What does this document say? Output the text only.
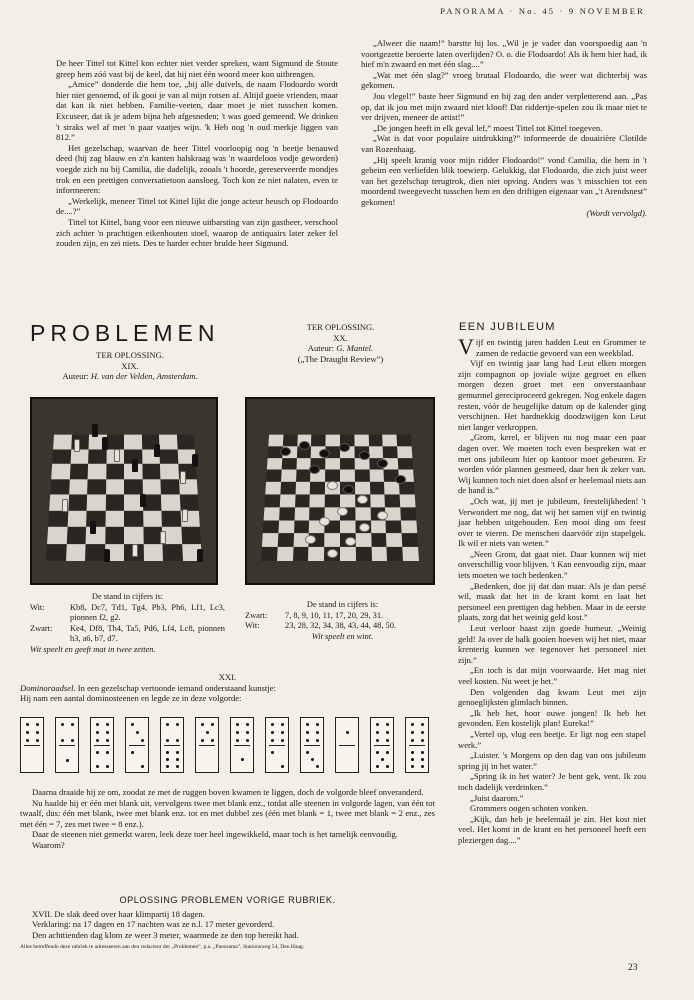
PANORAMA · No. 45 · 9 NOVEMBER

De heer Tittel tot Kittel kon echter niet verder spreken, want Sigmund de Stoute greep hem zóó vast bij de keel, dat hij niet één woord meer kon uitbrengen.

„Amice” donderde die hem toe, „bij alle duivels, de naam Flodoardo wordt hier niet genoemd, of ik gooi je van al mijn rotsen af. Altijd goeie vrienden, maar dat kan ik niet hebben. Familie-veeten, daar moet je niet tusschen komen. Excuseer, dat ik je adem bijna heb afgesneden; 't was goed gemeend. We drinken 't straks wel af met 'n paar vaatjes wijn. 'k Heb nog 'n oud merkje liggen van 812.”

Het gezelschap, waarvan de heer Tittel voorloopig nog 'n beetje benauwd deed (hij zag blauw en z'n kanten halskraag was 'n waardeloos vodje geworden) voegde zich nu bij Camilia, die dadelijk, zooals 't hoorde, gereserveerde mondjes trok en een prettigen conversatietoon aansloeg. Toch kon ze niet nalaten, even te informeeren:

„Werkelijk, meneer Tittel tot Kittel lijkt die jonge acteur heusch op Flodoardo de....?”

Tittel tot Kittel, bang voor een nieuwe uitbarsting van zijn gastheer, verschool zich achter 'n prachtigen eikenhouten stoel, waarop de antiquairs later zeker fel zouden zijn, en zei niets. Des te harder echter brulde heer Sigmund.

„Alweer die naam!” barstte hij los. „Wil je je vader dan voorspoedig aan 'n voortgezette beroerte laten overlijden? O. o. die Flodoardo! Als ik hem hier had, ik hief m'n zwaard en met één slag....”

„Wat met één slag?” vroeg brutaal Flodoardo, die weer wat dichterbij was gekomen.

Jou vlegel!” baste heer Sigmund en hij zag den ander verpletterend aan. „Pas op, dat ik jou met mijn zwaard niet kloof! Dat riddertje-spelen zou ik maar niet te ver drijven, meneer de artist!”

„De jongen heeft in elk geval lef,” moest Tittel tot Kittel toegeven.

„Wat is dat voor populaire uitdrukking?” informeerde de douairière Clotilde van Rozenhaag.

„Hij speelt kranig voor mijn ridder Flodoardo!” vond Camilia, die hem in 't geheim een verliefden blik toewierp. Gelukkig, dat Flodoardo, die zich juist weer van het gezelschap terugtrok, dien niet opving. Anders was 't misschien tot een moordend tweegevecht tusschen hem en den driftigen eigenaar van „'t Arendsnest” gekomen!

(Wordt vervolgd).

PROBLEMEN
TER OPLOSSING.
XIX.
Auteur: H. van der Velden, Amsterdam.
TER OPLOSSING.
XX.
Auteur: G. Mantel.
(„The Draught Review”)
De stand in cijfers is:
Wit:	Kb8, Dc7, Td1, Tg4, Pb3, Ph6, Lf1, Lc3, pionnen f2, g2.
Zwart:	Ke4, Df8, Th4, Ta5, Pd6, Lf4, Lc8, pionnen h3, a6, b7, d7.
Wit speelt en geeft mat in twee zetten.
De stand in cijfers is:
Zwart:	7, 8, 9, 10, 11, 17, 20, 29, 31.
Wit:	23, 28, 32, 34, 38, 43, 44, 48, 50.
Wit speelt en wint.
XXI.
Dominoraadsel. In een gezelschap vertoonde iemand onderstaand kunstje:
Hij nam een aantal dominosteenen en legde ze in deze volgorde:

Daarna draaide hij ze om, zoodat ze met de ruggen boven kwamen te liggen, doch de volgorde bleef onveranderd.

Nu haalde hij er één met blank uit, vervolgens twee met blank enz., totdat alle steenen in volgorde lagen, van één tot twaalf, dus: één met blank, twee met blank enz. tot en met dubbel zes (één met blank = 1, twee met blank = 2 enz., zes met één = 7, zes met twee = 8 enz.).

Daar de steenen niet gemerkt waren, leek deze toer heel ingewikkeld, maar toch is het tamelijk eenvoudig.

Waarom?

OPLOSSING PROBLEMEN VORIGE RUBRIEK.

XVII. De slak deed over haar klimpartij 18 dagen.

Verklaring: na 17 dagen en 17 nachten was ze n.l. 17 meter gevorderd.

Den achttienden dag klom ze weer 3 meter, waarmede ze den top bereikt had.

Alles betreffende deze rubriek te adresseeren aan den redacteur der „Problemen”, p.a. „Panorama”, Stationsweg 54, Den Haag.
EEN JUBILEUM

Vijf en twintig jaren hadden Leut en Grommer te zamen de redactie gevoerd van een weekblad.

Vijf en twintig jaar lang had Leut elken morgen zijn compagnon op joviale wijze gegroet en elken morgen dezen groet met een onverstaanbaar gemurmel gereciproceerd gekregen. Nog enkele dagen resten, vóór de heugelijke datum op de kalender ging verschijnen. Het hardnekkig doodzwijgen kon Leut niet langer verkroppen.

„Grom, kerel, er blijven nu nog maar een paar dagen over. We moeten toch even bespreken wat er met ons jubileum hier op kantoor moet gebeuren. Er worden vóór plannen gesmeed, daar ben ik zeker van. Wij kunnen toch niet doen alsof er heelemaal niets aan de hand is.”

„Och wat, jij met je jubileum, feestelijkheden! 't Verwondert me nog, dat wij het samen vijf en twintig jaar hebben uitgehouden. Een mooi ding om feest over te vieren. De menschen daarvóór zijn stapelgek. Ik wil er niets van weten.”

„Neen Grom, dat gaat niet. Daar kunnen wij niet onverschillig voor blijven. 't Kan eenvoudig zijn, maar iets moeten we toch bedenken.”

„Bedenken, doe jij dat dan maar. Als je dan persé wil, maak dat het in de krant komt en laat het personeel een prettigen dag hebben. Maar in de eerste plaats, zorg dat het weinig geld kost.”

Leut verloor haast zijn goede humeur. „Weinig geld! Ja over de balk gooien hoeven wij het niet, maar krenterig kunnen we tegenover het personeel niet zijn.”

„En toch is dat mijn voorwaarde. Het mag niet veel kosten. Nu weet je het.”

Den volgenden dag kwam Leut met zijn genoeglijksten glimlach binnen.

„Ik heb het, hoor ouwe jongen! Ik heb het gevonden. Een kostelijk plan! Eureka!”

„Vertel op, vlug een beetje. Er ligt nog een stapel werk.”

„Luister. 's Morgens op den dag van ons jubileum spring jij in het water.”

„Spring ik in het water? Je bent gek, vent. Ik zou toch dadelijk verdrinken.”

„Juist daarom.”

Grommers oogen schoten vonken.

„Kijk, dan heb je heelemaál je zin. Het kost niet veel. Het komt in de krant en het personeel heeft een pleziergen dag....”

23
